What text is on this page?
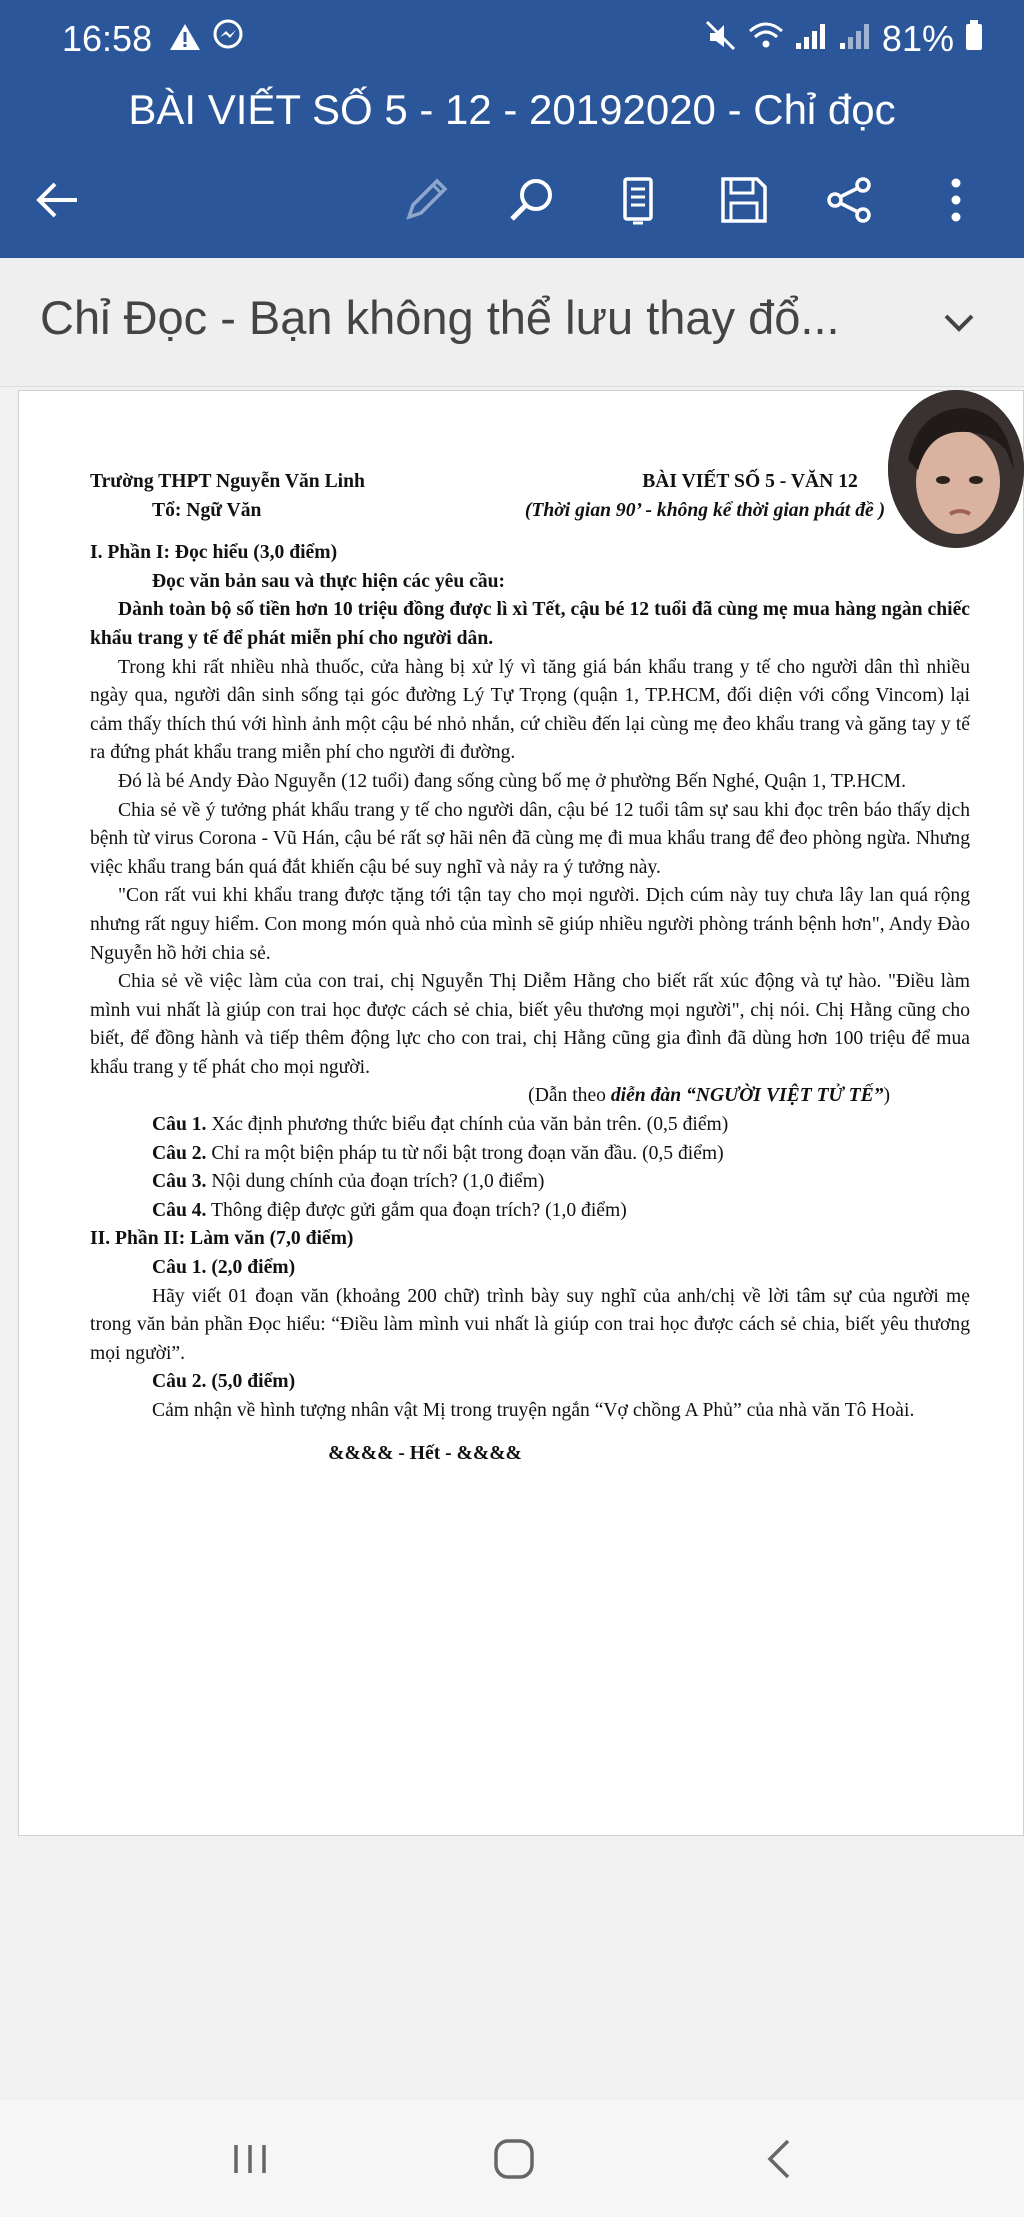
16:58
	81%
BÀI VIẾT SỐ 5 - 12 - 20192020 - Chỉ đọc
Chỉ Đọc - Bạn không thể lưu thay đổ...
Trường THPT Nguyễn Văn Linh	BÀI VIẾT SỐ 5 - VĂN 12
Tổ: Ngữ Văn	(Thời gian 90’ - không kể thời gian phát đề )

I. Phần I: Đọc hiểu (3,0 điểm)

Đọc văn bản sau và thực hiện các yêu cầu:

Dành toàn bộ số tiền hơn 10 triệu đồng được lì xì Tết, cậu bé 12 tuổi đã cùng mẹ mua hàng ngàn chiếc khẩu trang y tế để phát miễn phí cho người dân.

Trong khi rất nhiều nhà thuốc, cửa hàng bị xử lý vì tăng giá bán khẩu trang y tế cho người dân thì nhiều ngày qua, người dân sinh sống tại góc đường Lý Tự Trọng (quận 1, TP.HCM, đối diện với cổng Vincom) lại cảm thấy thích thú với hình ảnh một cậu bé nhỏ nhắn, cứ chiều đến lại cùng mẹ đeo khẩu trang và găng tay y tế ra đứng phát khẩu trang miễn phí cho người đi đường.

Đó là bé Andy Đào Nguyễn (12 tuổi) đang sống cùng bố mẹ ở phường Bến Nghé, Quận 1, TP.HCM.

Chia sẻ về ý tưởng phát khẩu trang y tế cho người dân, cậu bé 12 tuổi tâm sự sau khi đọc trên báo thấy dịch bệnh từ virus Corona - Vũ Hán, cậu bé rất sợ hãi nên đã cùng mẹ đi mua khẩu trang để đeo phòng ngừa. Nhưng việc khẩu trang bán quá đắt khiến cậu bé suy nghĩ và nảy ra ý tưởng này.

"Con rất vui khi khẩu trang được tặng tới tận tay cho mọi người. Dịch cúm này tuy chưa lây lan quá rộng nhưng rất nguy hiểm. Con mong món quà nhỏ của mình sẽ giúp nhiều người phòng tránh bệnh hơn", Andy Đào Nguyễn hồ hởi chia sẻ.

Chia sẻ về việc làm của con trai, chị Nguyễn Thị Diễm Hằng cho biết rất xúc động và tự hào. "Điều làm mình vui nhất là giúp con trai học được cách sẻ chia, biết yêu thương mọi người", chị nói. Chị Hằng cũng cho biết, để đồng hành và tiếp thêm động lực cho con trai, chị Hằng cũng gia đình đã dùng hơn 100 triệu để mua khẩu trang y tế phát cho mọi người.

(Dẫn theo diễn đàn “NGƯỜI VIỆT TỬ TẾ”)

Câu 1. Xác định phương thức biểu đạt chính của văn bản trên. (0,5 điểm)

Câu 2. Chỉ ra một biện pháp tu từ nổi bật trong đoạn văn đầu. (0,5 điểm)

Câu 3. Nội dung chính của đoạn trích? (1,0 điểm)

Câu 4. Thông điệp được gửi gắm qua đoạn trích? (1,0 điểm)

II. Phần II: Làm văn (7,0 điểm)

Câu 1. (2,0 điểm)

Hãy viết 01 đoạn văn (khoảng 200 chữ) trình bày suy nghĩ của anh/chị về lời tâm sự của người mẹ trong văn bản phần Đọc hiểu: “Điều làm mình vui nhất là giúp con trai học được cách sẻ chia, biết yêu thương mọi người”.

Câu 2. (5,0 điểm)

Cảm nhận về hình tượng nhân vật Mị trong truyện ngắn “Vợ chồng A Phủ” của nhà văn Tô Hoài.

&&&& - Hết - &&&&
